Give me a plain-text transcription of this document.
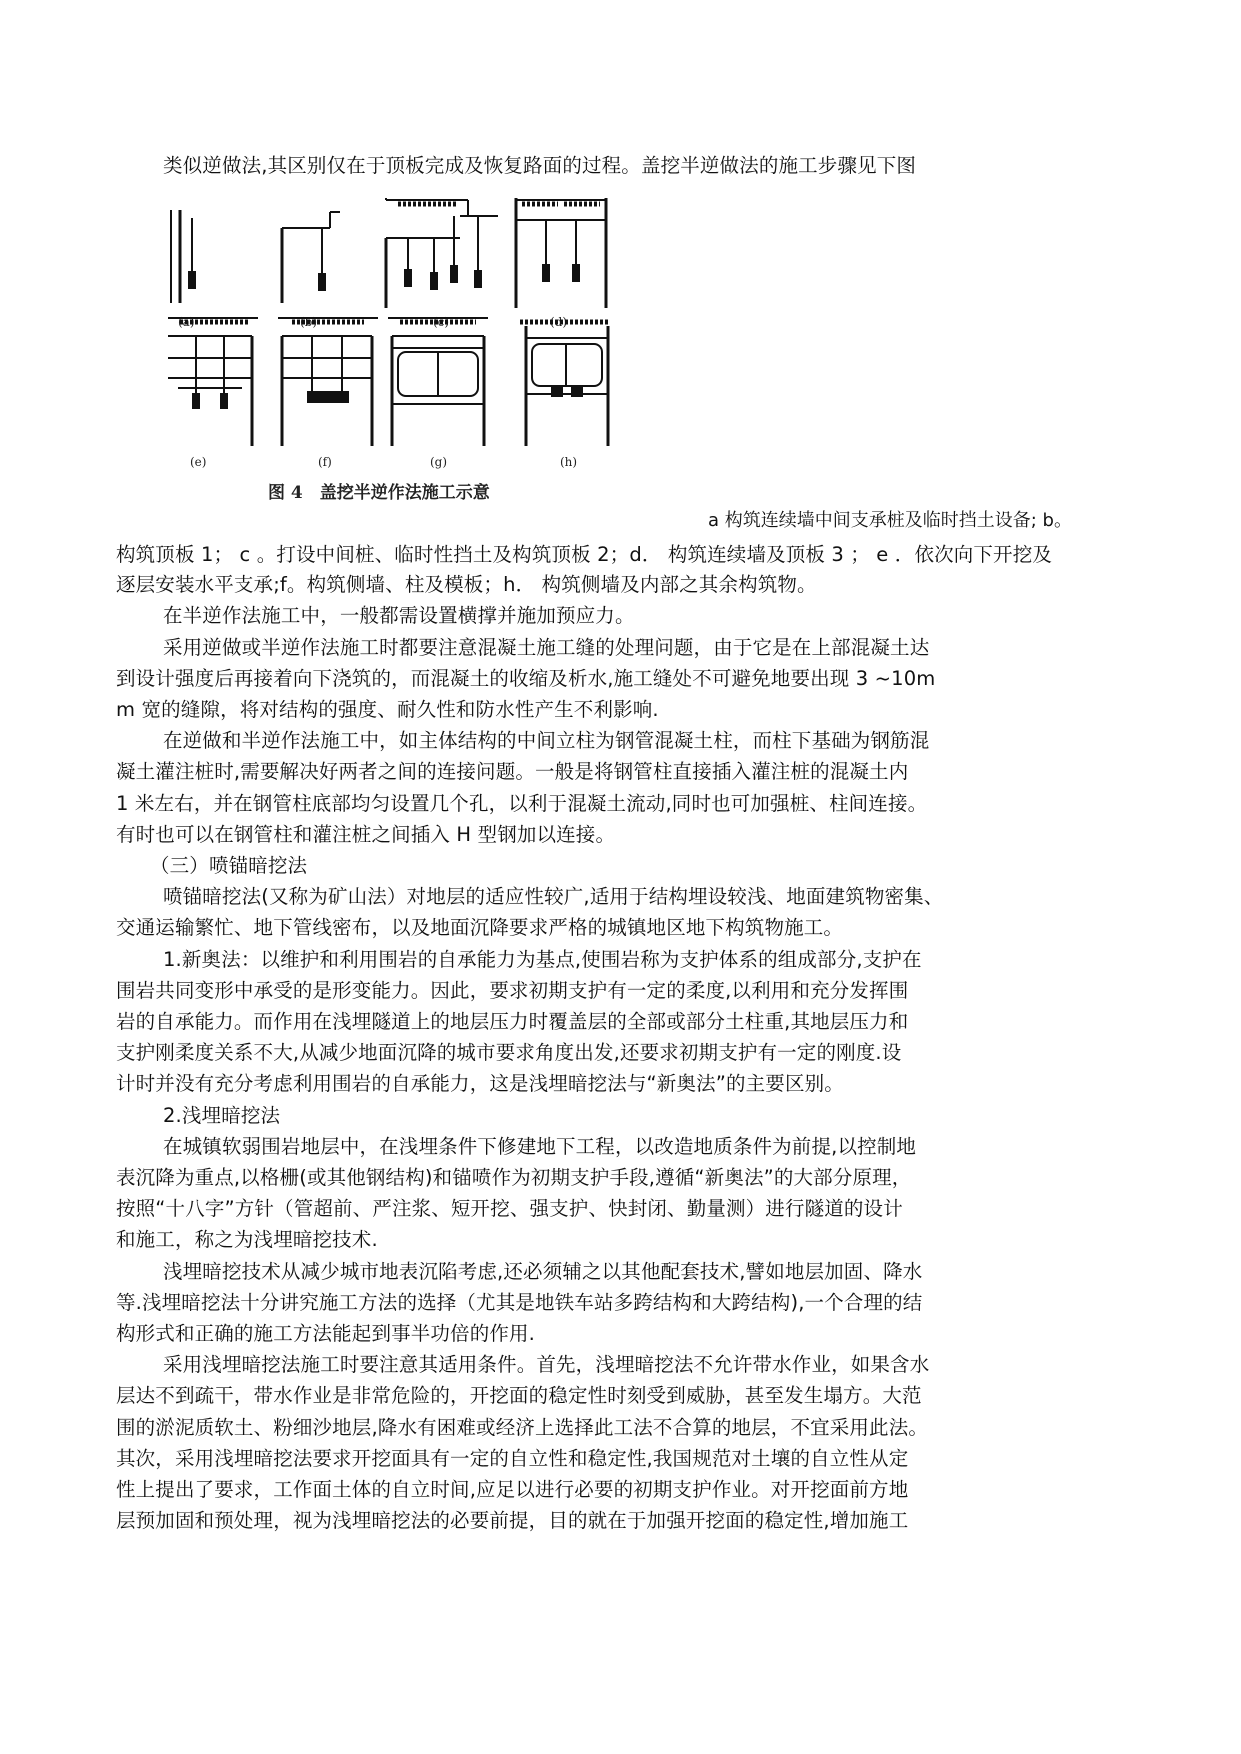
类似逆做法,其区别仅在于顶板完成及恢复路面的过程。盖挖半逆做法的施工步骤见下图
(a)	(b)	(c)	(d)
(e)	(f)	(g)	(h)
图 4　盖挖半逆作法施工示意
a 构筑连续墙中间支承桩及临时挡土设备; b。
构筑顶板 1； c 。打设中间桩、临时性挡土及构筑顶板 2；d． 构筑连续墙及顶板 3 ； e ．依次向下开挖及
逐层安装水平支承;f。构筑侧墙、柱及模板；h． 构筑侧墙及内部之其余构筑物。
在半逆作法施工中，一般都需设置横撑并施加预应力。
采用逆做或半逆作法施工时都要注意混凝土施工缝的处理问题，由于它是在上部混凝土达
到设计强度后再接着向下浇筑的，而混凝土的收缩及析水,施工缝处不可避免地要出现 3 ~10m
m 宽的缝隙，将对结构的强度、耐久性和防水性产生不利影响.
在逆做和半逆作法施工中，如主体结构的中间立柱为钢管混凝土柱，而柱下基础为钢筋混
凝土灌注桩时,需要解决好两者之间的连接问题。一般是将钢管柱直接插入灌注桩的混凝土内
1 米左右，并在钢管柱底部均匀设置几个孔，以利于混凝土流动,同时也可加强桩、柱间连接。
有时也可以在钢管柱和灌注桩之间插入 H 型钢加以连接。
（三）喷锚暗挖法
喷锚暗挖法(又称为矿山法）对地层的适应性较广,适用于结构埋设较浅、地面建筑物密集、
交通运输繁忙、地下管线密布，以及地面沉降要求严格的城镇地区地下构筑物施工。
1.新奥法：以维护和利用围岩的自承能力为基点,使围岩称为支护体系的组成部分,支护在
围岩共同变形中承受的是形变能力。因此，要求初期支护有一定的柔度,以利用和充分发挥围
岩的自承能力。而作用在浅埋隧道上的地层压力时覆盖层的全部或部分土柱重,其地层压力和
支护刚柔度关系不大,从减少地面沉降的城市要求角度出发,还要求初期支护有一定的刚度.设
计时并没有充分考虑利用围岩的自承能力，这是浅埋暗挖法与“新奥法”的主要区别。
2.浅埋暗挖法
在城镇软弱围岩地层中，在浅埋条件下修建地下工程，以改造地质条件为前提,以控制地
表沉降为重点,以格栅(或其他钢结构)和锚喷作为初期支护手段,遵循“新奥法”的大部分原理，
按照“十八字”方针（管超前、严注浆、短开挖、强支护、快封闭、勤量测）进行隧道的设计
和施工，称之为浅埋暗挖技术.
浅埋暗挖技术从减少城市地表沉陷考虑,还必须辅之以其他配套技术,譬如地层加固、降水
等.浅埋暗挖法十分讲究施工方法的选择（尤其是地铁车站多跨结构和大跨结构),一个合理的结
构形式和正确的施工方法能起到事半功倍的作用.
采用浅埋暗挖法施工时要注意其适用条件。首先，浅埋暗挖法不允许带水作业，如果含水
层达不到疏干，带水作业是非常危险的，开挖面的稳定性时刻受到威胁，甚至发生塌方。大范
围的淤泥质软土、粉细沙地层,降水有困难或经济上选择此工法不合算的地层，不宜采用此法。
其次，采用浅埋暗挖法要求开挖面具有一定的自立性和稳定性,我国规范对土壤的自立性从定
性上提出了要求，工作面土体的自立时间,应足以进行必要的初期支护作业。对开挖面前方地
层预加固和预处理，视为浅埋暗挖法的必要前提，目的就在于加强开挖面的稳定性,增加施工
